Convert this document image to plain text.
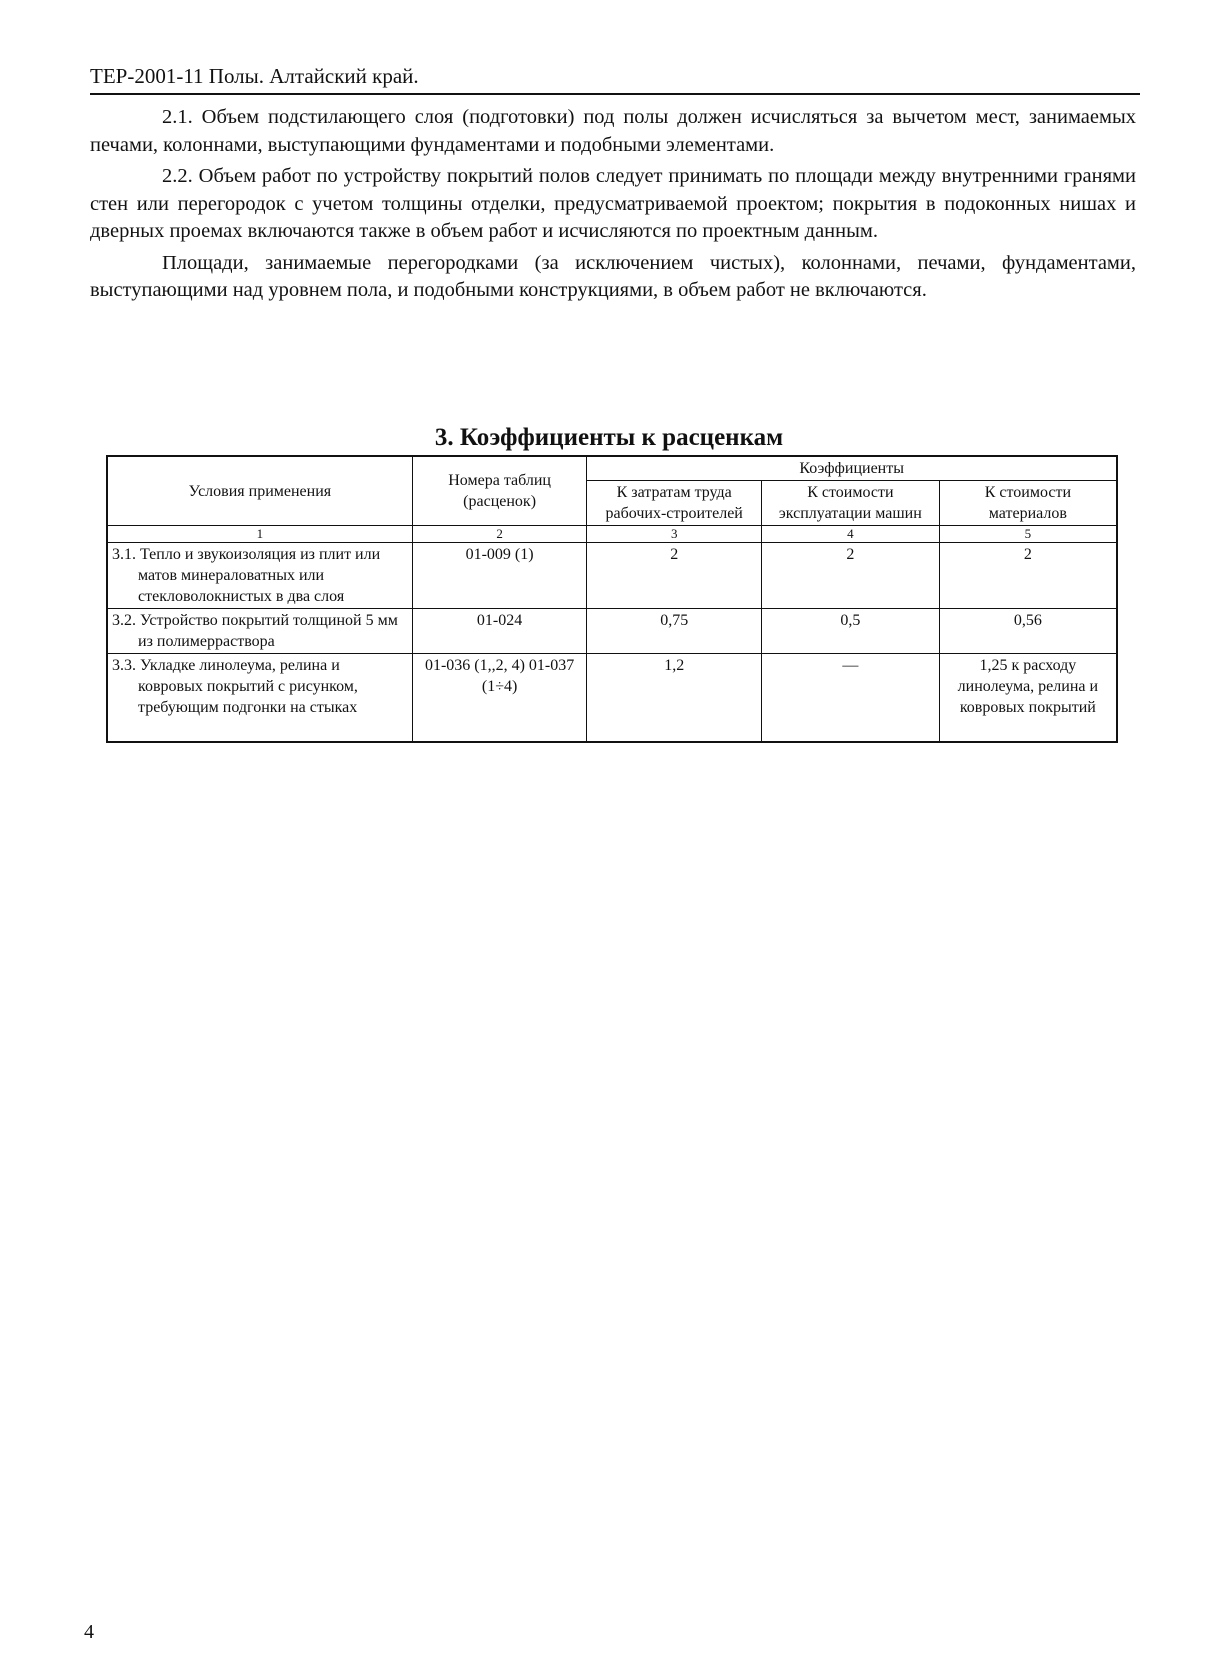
ТЕР-2001-11 Полы. Алтайский край.

2.1. Объем подстилающего слоя (подготовки) под полы должен исчисляться за вычетом мест, занимаемых печами, колоннами, выступающими фундаментами и подобными элементами.

2.2. Объем работ по устройству покрытий полов следует принимать по площади между внутренними гранями стен или перегородок с учетом толщины отделки, предусматриваемой проектом; покрытия в подоконных нишах и дверных проемах включаются также в объем работ и исчисляются по проектным данным.

Площади, занимаемые перегородками (за исключением чистых), колоннами, печами, фундаментами, выступающими над уровнем пола, и подобными конструкциями, в объем работ не включаются.

3. Коэффициенты к расценкам
Условия применения	Номера таблиц (расценок)	Коэффициенты		
		К затратам труда рабочих-строителей	К стоимости эксплуатации машин	К стоимости материалов
1	2	3	4	5
3.1. Тепло и звукоизоляция из плит или матов минераловатных или стекловолокнистых в два слоя	01-009 (1)	2	2	2
3.2. Устройство покрытий толщиной 5 мм из полимерраствора	01-024	0,75	0,5	0,56
3.3. Укладке линолеума, релина и ковровых покрытий с рисунком, требующим подгонки на стыках	01-036 (1,,2, 4) 01-037 (1÷4)	1,2	—	1,25 к расходу линолеума, релина и ковровых покрытий
4
